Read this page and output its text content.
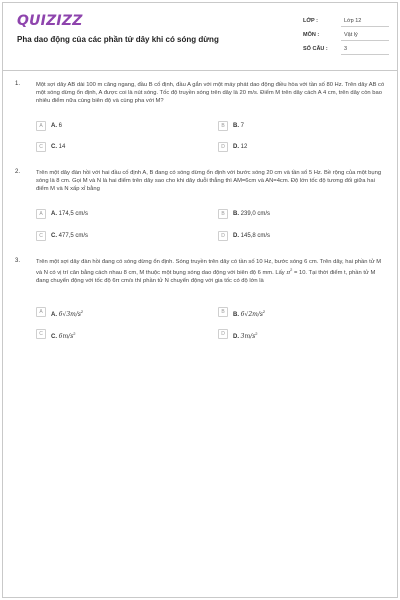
QUIZIZZ
Pha dao động của các phần tử dây khi có sóng dừng
LỚP :	Lớp 12
MÔN :	Vật lý
SỐ CÂU :	3
1.	Một sợi dây AB dài 100 m căng ngang, đầu B cố định, đầu A gắn với một máy phát dao động điều hòa với tần số 80 Hz. Trên dây AB có một sóng dừng ổn định, A được coi là nút sóng. Tốc độ truyền sóng trên dây là 20 m/s. Điểm M trên dây cách A 4 cm, trên dây còn bao nhiêu điểm nữa cùng biên độ và cùng pha với M?
A	A. 6	B	B. 7
C	C. 14	D	D. 12
2.	Trên một dây đàn hồi với hai đầu cố định A, B đang có sóng dừng ổn định với bước sóng 20 cm và tần số 5 Hz. Bề rộng của một bụng sóng là 8 cm. Gọi M và N là hai điểm trên dây sao cho khi dây duỗi thẳng thì AM=6cm và AN=4cm. Độ lớn tốc độ tương đối giữa hai điểm M và N xấp xỉ bằng
A	A. 174,5 cm/s	B	B. 239,0 cm/s
C	C. 477,5 cm/s	D	D. 145,8 cm/s
3.	Trên một sợi dây đàn hồi đang có sóng dừng ổn định. Sóng truyền trên dây có tần số 10 Hz, bước sóng 6 cm. Trên dây, hai phần tử M và N có vị trí cân bằng cách nhau 8 cm, M thuộc một bụng sóng dao động với biên độ 6 mm. Lấy $\pi^2 = 10$. Tại thời điểm t, phần tử M đang chuyển động với tốc độ 6π cm/s thì phần tử N chuyển động với gia tốc có độ lớn là
A	A. $6√3m/s^2$	B	B. $6√2m/s^2$
C	C. $6m/s^2$	D	D. $3m/s^2$
